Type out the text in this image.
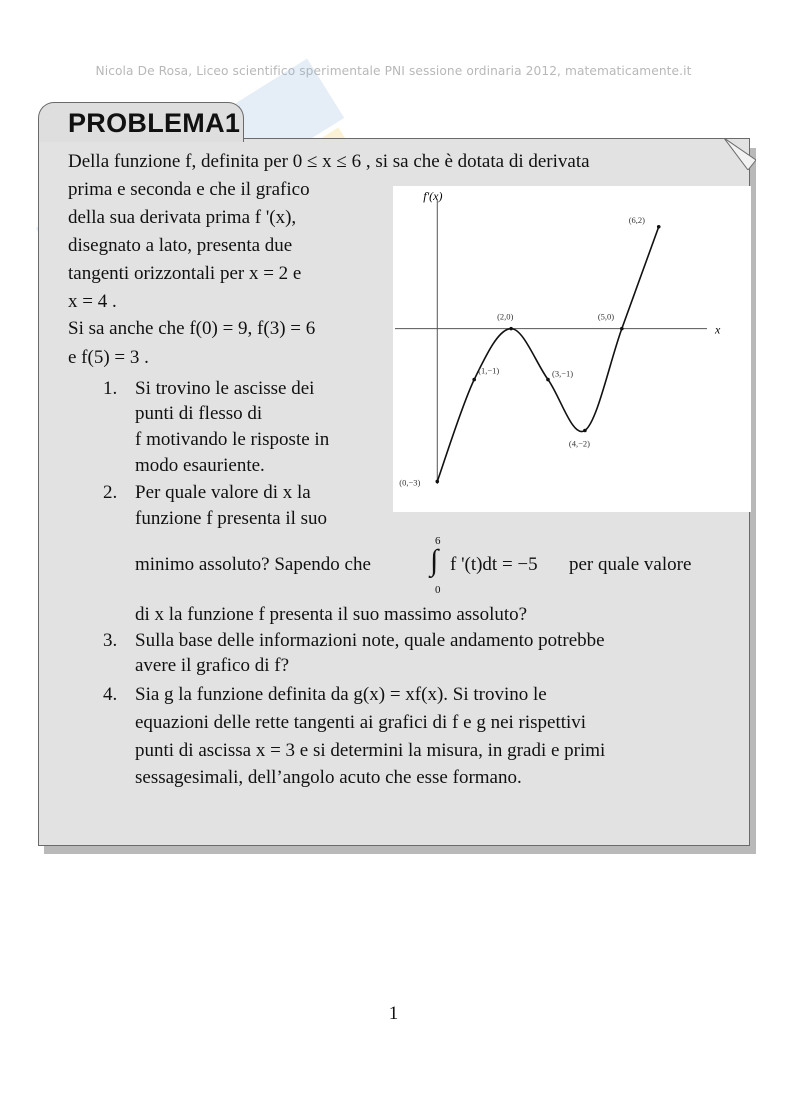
Nicola De Rosa, Liceo scientifico sperimentale PNI sessione ordinaria 2012, matematicamente.it
PROBLEMA1
Della funzione f, definita per 0 ≤ x ≤ 6 , si sa che è dotata di derivata
prima e seconda e che il grafico
della sua derivata prima f '(x),
disegnato a lato, presenta due
tangenti orizzontali per x = 2 e
x = 4 .
Si sa anche che f(0) = 9, f(3) = 6
e f(5) = 3 .
1. Si trovino le ascisse dei
punti di flesso di
f motivando le risposte in
modo esauriente.
2. Per quale valore di x la
funzione f presenta il suo
minimo assoluto? Sapendo che
6
∫
0
f '(t)dt = −5 per quale valore
di x la funzione f presenta il suo massimo assoluto?
3. Sulla base delle informazioni note, quale andamento potrebbe
avere il grafico di f?
4. Sia g la funzione definita da g(x) = xf(x). Si trovino le
equazioni delle rette tangenti ai grafici di f e g nei rispettivi
punti di ascissa x = 3 e si determini la misura, in gradi e primi
sessagesimali, dell’angolo acuto che esse formano.
f'(x)
x
(0,−3)
(1,−1)
(2,0)
(3,−1)
(4,−2)
(5,0)
(6,2)
1
